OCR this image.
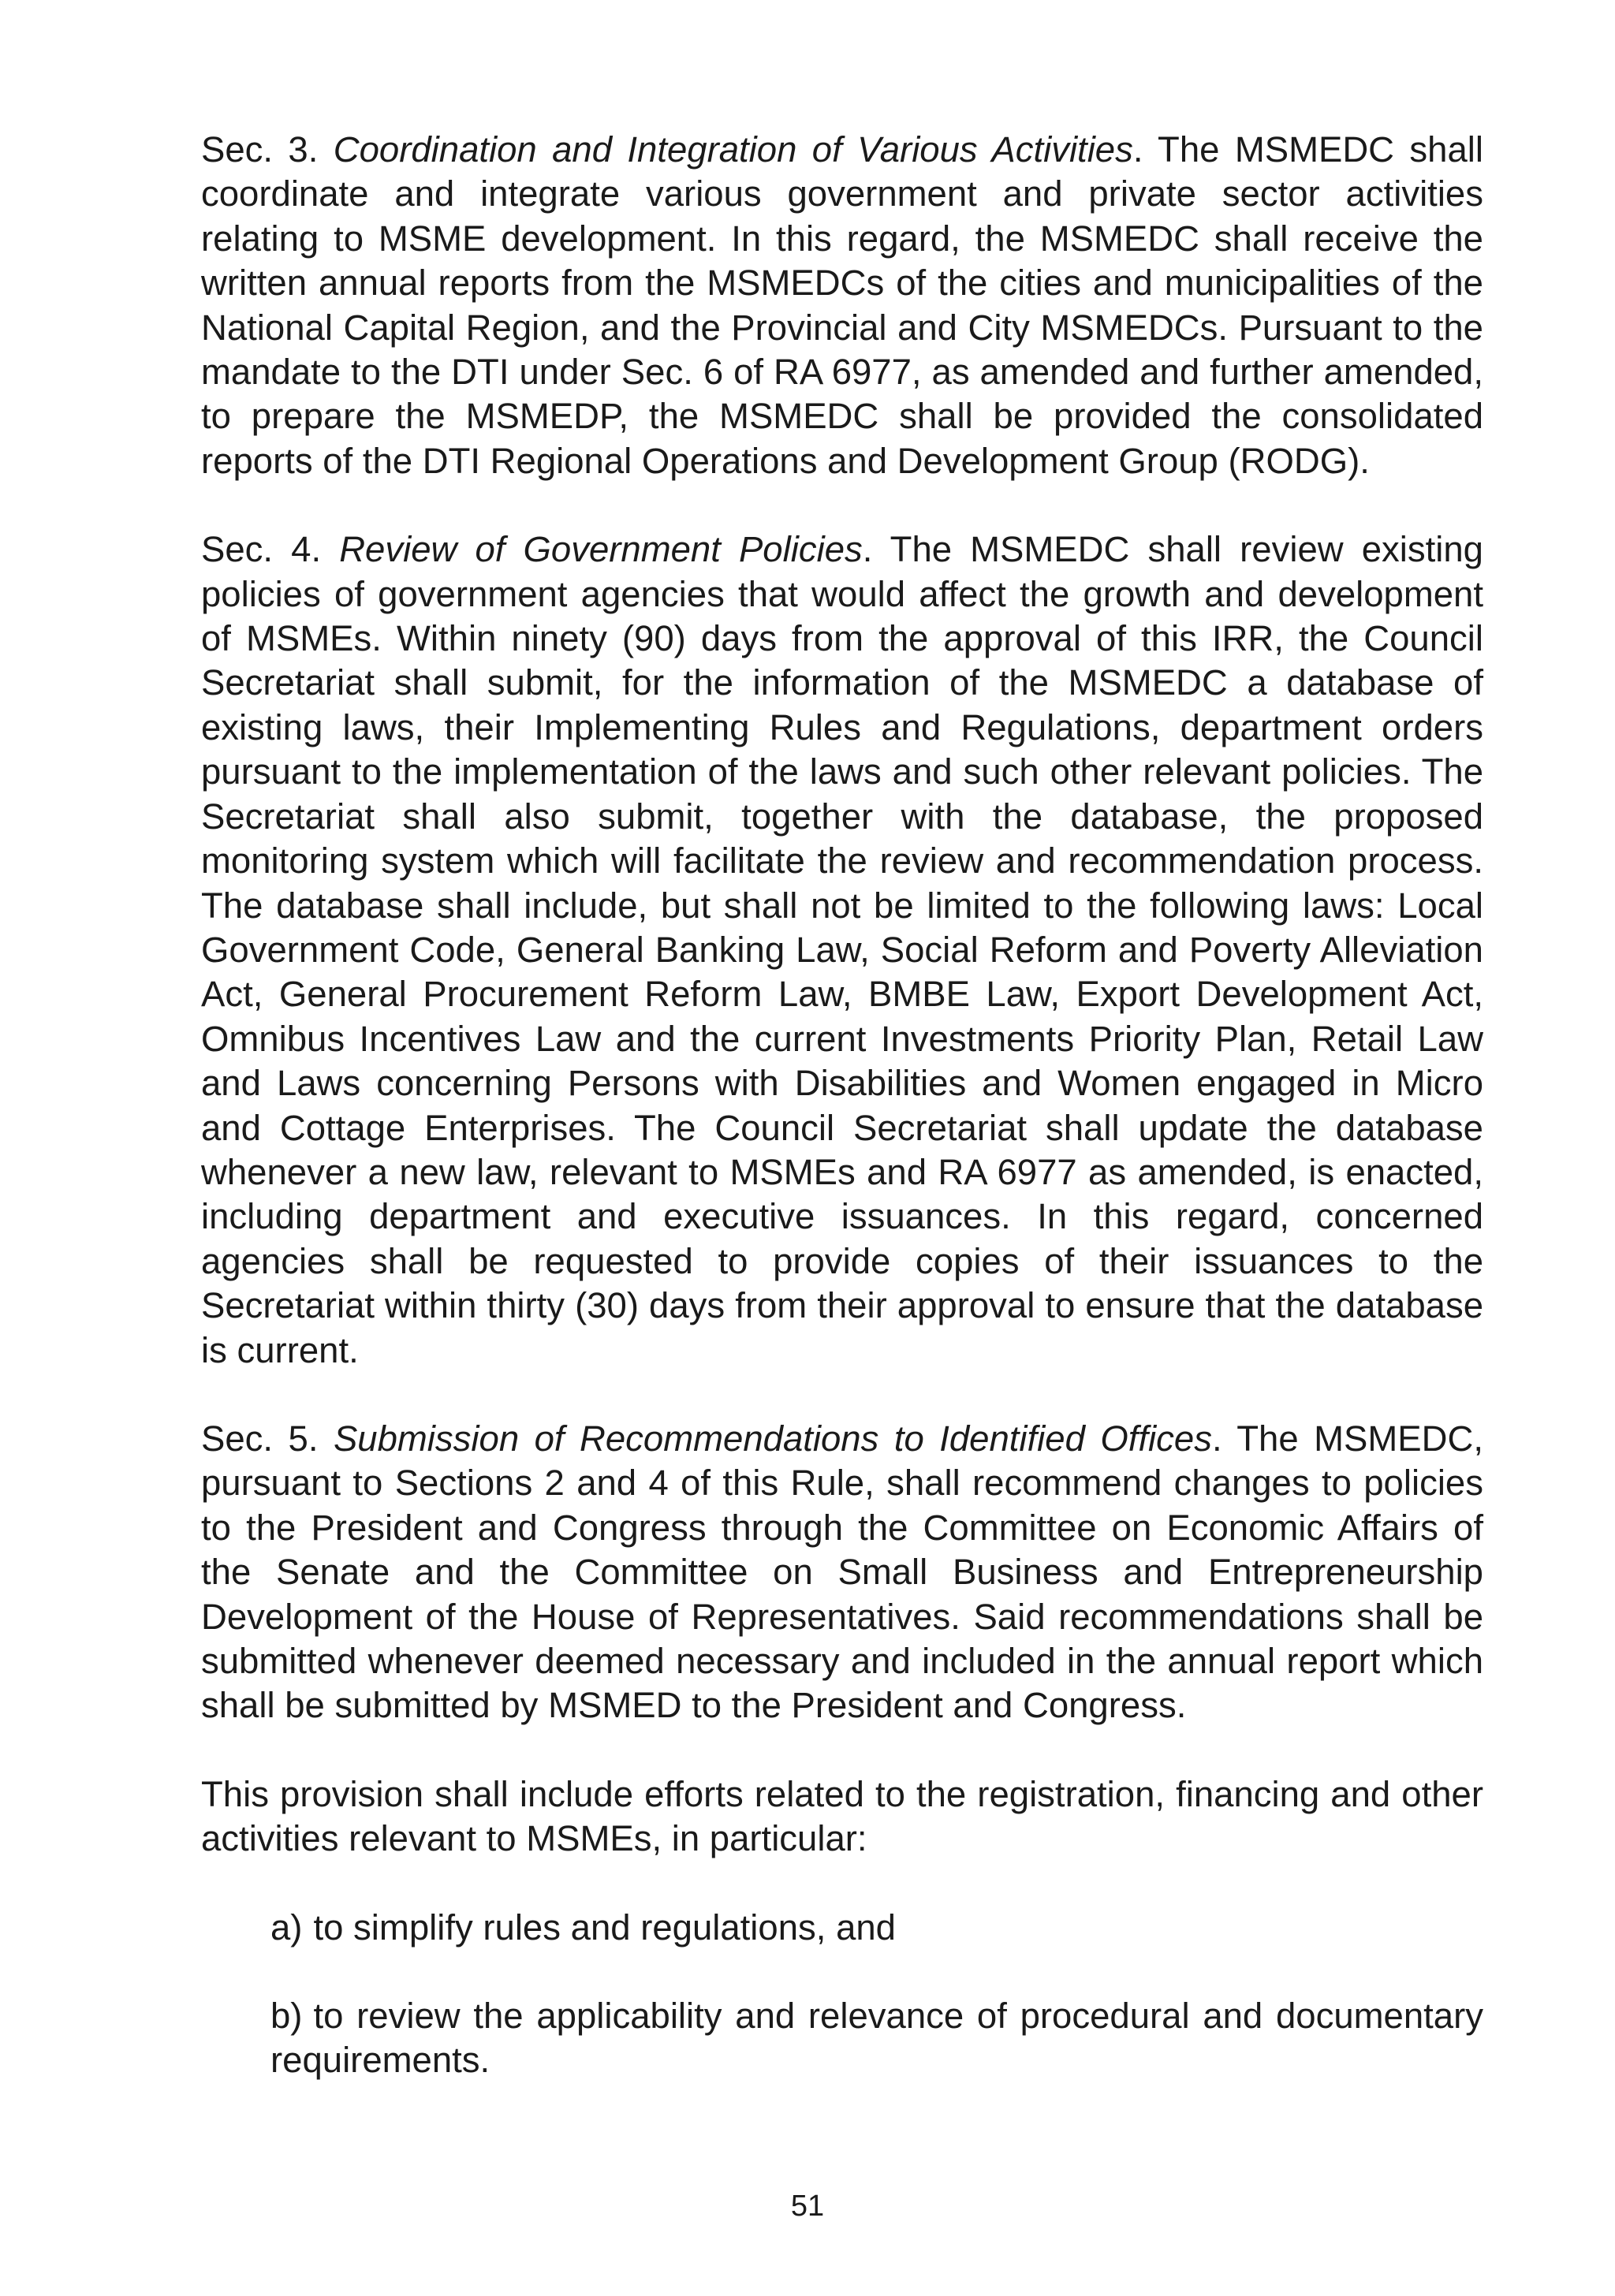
Sec. 3. Coordination and Integration of Various Activities. The MSMEDC shall coordinate and integrate various government and private sector activities relating to MSME development. In this regard, the MSMEDC shall receive the written annual reports from the MSMEDCs of the cities and municipalities of the National Capital Region, and the Provincial and City MSMEDCs. Pursuant to the mandate to the DTI under Sec. 6 of RA 6977, as amended and further amended, to prepare the MSMEDP, the MSMEDC shall be provided the consolidated reports of the DTI Regional Operations and Development Group (RODG).

Sec. 4. Review of Government Policies. The MSMEDC shall review existing policies of government agencies that would affect the growth and development of MSMEs. Within ninety (90) days from the approval of this IRR, the Council Secretariat shall submit, for the information of the MSMEDC a database of existing laws, their Implementing Rules and Regulations, department orders pursuant to the implementation of the laws and such other relevant policies. The Secretariat shall also submit, together with the database, the proposed monitoring system which will facilitate the review and recommendation process. The database shall include, but shall not be limited to the following laws: Local Government Code, General Banking Law, Social Reform and Poverty Alleviation Act, General Procurement Reform Law, BMBE Law, Export Development Act, Omnibus Incentives Law and the current Investments Priority Plan, Retail Law and Laws concerning Persons with Disabilities and Women engaged in Micro and Cottage Enterprises. The Council Secretariat shall update the database whenever a new law, relevant to MSMEs and RA 6977 as amended, is enacted, including department and executive issuances. In this regard, concerned agencies shall be requested to provide copies of their issuances to the Secretariat within thirty (30) days from their approval to ensure that the database is current.

Sec. 5. Submission of Recommendations to Identified Offices. The MSMEDC, pursuant to Sections 2 and 4 of this Rule, shall recommend changes to policies to the President and Congress through the Committee on Economic Affairs of the Senate and the Committee on Small Business and Entrepreneurship Development of the House of Representatives. Said recommendations shall be submitted whenever deemed necessary and included in the annual report which shall be submitted by MSMED to the President and Congress.

This provision shall include efforts related to the registration, financing and other activities relevant to MSMEs, in particular:

a) to simplify rules and regulations, and
b) to review the applicability and relevance of procedural and documentary requirements.
51
